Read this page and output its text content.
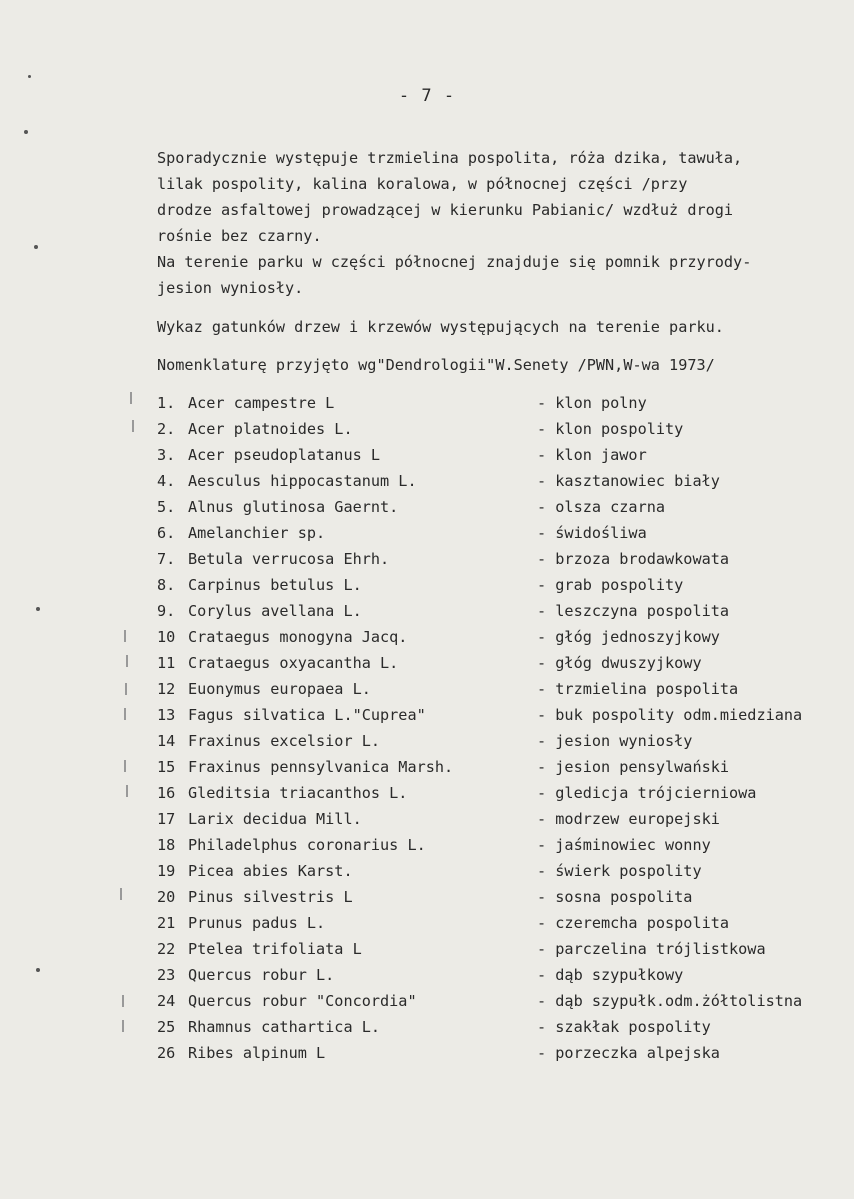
- 7 -

Sporadycznie występuje trzmielina pospolita, róża dzika, tawuła,

lilak pospolity, kalina koralowa, w północnej części /przy

drodze asfaltowej prowadzącej w kierunku Pabianic/ wzdłuż drogi

rośnie bez czarny.

Na terenie parku w części północnej znajduje się pomnik przyrody-

jesion wyniosły.

Wykaz gatunków drzew i krzewów występujących na terenie parku.
Nomenklaturę przyjęto wg"Dendrologii"W.Senety /PWN,W-wa 1973/
1. Acer campestre L	- klon polny
2. Acer platnoides L.	- klon pospolity
3. Acer pseudoplatanus L	- klon jawor
4. Aesculus hippocastanum L.	- kasztanowiec biały
5. Alnus glutinosa Gaernt.	- olsza czarna
6. Amelanchier sp.	- świdośliwa
7. Betula verrucosa Ehrh.	- brzoza brodawkowata
8. Carpinus betulus L.	- grab pospolity
9. Corylus avellana L.	- leszczyna pospolita
10 Crataegus monogyna Jacq.	- głóg jednoszyjkowy
11 Crataegus oxyacantha L.	- głóg dwuszyjkowy
12 Euonymus europaea L.	- trzmielina pospolita
13 Fagus silvatica L."Cuprea"	- buk pospolity odm.miedziana
14 Fraxinus excelsior L.	- jesion wyniosły
15 Fraxinus pennsylvanica Marsh.	- jesion pensylwański
16 Gleditsia triacanthos L.	- gledicja trójcierniowa
17 Larix decidua Mill.	- modrzew europejski
18 Philadelphus coronarius L.	- jaśminowiec wonny
19 Picea abies Karst.	- świerk pospolity
20 Pinus silvestris L	- sosna pospolita
21 Prunus padus L.	- czeremcha pospolita
22 Ptelea trifoliata L	- parczelina trójlistkowa
23 Quercus robur L.	- dąb szypułkowy
24 Quercus robur "Concordia"	- dąb szypułk.odm.żółtolistna
25 Rhamnus cathartica L.	- szakłak pospolity
26 Ribes alpinum L	- porzeczka alpejska
